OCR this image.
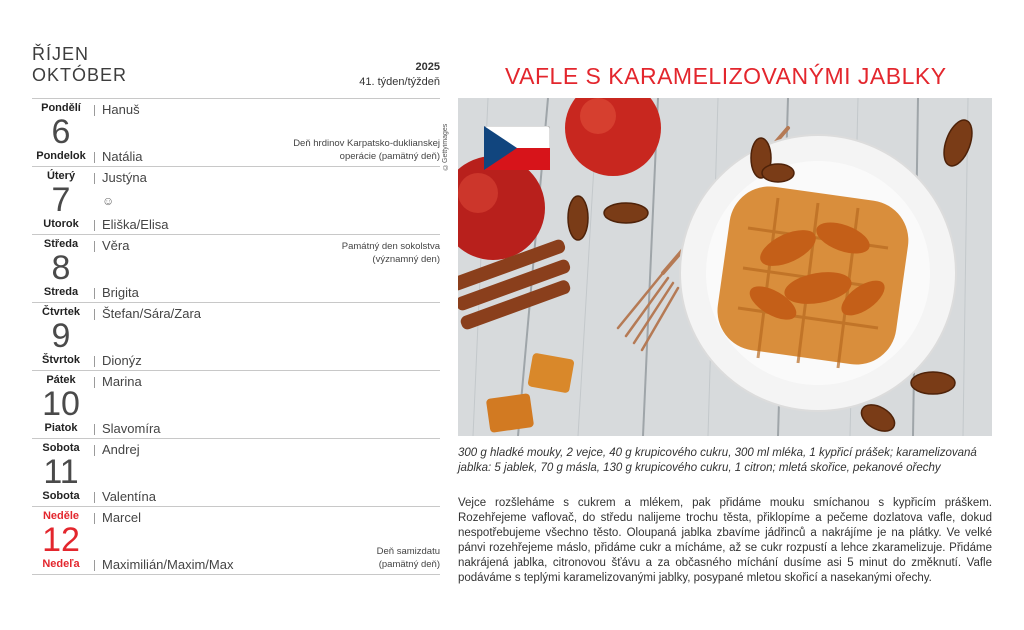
ŘÍJEN
OKTÓBER	2025
41. týden/týždeň
Pondělí
6
Pondelok
Hanuš
Natália
Deň hrdinov Karpatsko-duklianskej operácie (pamätný deň)
Úterý
7
Utorok
Justýna
☺
Eliška/Elisa
Středa
8
Streda
Věra
Brigita
Památný den sokolstva (významný den)
Čtvrtek
9
Štvrtok
Štefan/Sára/Zara
Dionýz
Pátek
10
Piatok
Marina
Slavomíra
Sobota
11
Sobota
Andrej
Valentína
Neděle
12
Nedeľa
Marcel
Maximilián/Maxim/Max
Deň samizdatu (pamätný deň)
VAFLE S KARAMELIZOVANÝMI JABLKY
©Gettyimages
300 g hladké mouky, 2 vejce, 40 g krupicového cukru, 300 ml mléka, 1 kypřicí prášek; karamelizovaná jablka: 5 jablek, 70 g másla, 130 g krupicového cukru, 1 citron; mletá skořice, pekanové ořechy
Vejce rozšleháme s cukrem a mlékem, pak přidáme mouku smíchanou s kypřicím práškem. Rozehřejeme vaflovač, do středu nalijeme trochu těsta, přiklopíme a pečeme dozlatova vafle, dokud nespotřebujeme všechno těsto. Oloupaná jablka zbavíme jádřinců a nakrájíme je na plátky. Ve velké pánvi rozehřejeme máslo, přidáme cukr a mícháme, až se cukr rozpustí a lehce zkaramelizuje. Přidáme nakrájená jablka, citronovou šťávu a za občasného míchání dusíme asi 5 minut do změknutí. Vafle podáváme s teplými karamelizovanými jablky, posypané mletou skořicí a nasekanými ořechy.
